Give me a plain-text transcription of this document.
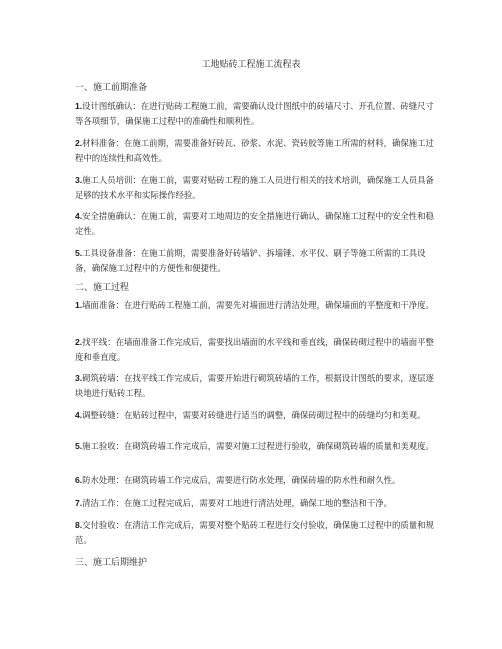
工地贴砖工程施工流程表
一、施工前期准备
1.设计图纸确认：在进行贴砖工程施工前，需要确认设计图纸中的砖墙尺寸、开孔位置、砖缝尺寸等各项细节，确保施工过程中的准确性和顺利性。
2.材料准备：在施工前期，需要准备好砖瓦、砂浆、水泥、瓷砖胶等施工所需的材料，确保施工过程中的连续性和高效性。
3.施工人员培训：在施工前，需要对贴砖工程的施工人员进行相关的技术培训，确保施工人员具备足够的技术水平和实际操作经验。
4.安全措施确认：在施工前，需要对工地周边的安全措施进行确认，确保施工过程中的安全性和稳定性。
5.工具设备准备：在施工前期，需要准备好砖墙铲、拆墙锤、水平仪、刷子等施工所需的工具设备，确保施工过程中的方便性和便捷性。
二、施工过程
1.墙面准备：在进行贴砖工程施工前，需要先对墙面进行清洁处理，确保墙面的平整度和干净度。
2.找平线：在墙面准备工作完成后，需要找出墙面的水平线和垂直线，确保砖砌过程中的墙面平整度和垂直度。
3.砌筑砖墙：在找平线工作完成后，需要开始进行砌筑砖墙的工作，根据设计图纸的要求，逐层逐块地进行贴砖工程。
4.调整砖缝：在贴砖过程中，需要对砖缝进行适当的调整，确保砖砌过程中的砖缝均匀和美观。
5.施工验收：在砌筑砖墙工作完成后，需要对施工过程进行验收，确保砌筑砖墙的质量和美观度。
6.防水处理：在砌筑砖墙工作完成后，需要进行防水处理，确保砖墙的防水性和耐久性。
7.清洁工作：在施工过程完成后，需要对工地进行清洁处理，确保工地的整洁和干净。
8.交付验收：在清洁工作完成后，需要对整个贴砖工程进行交付验收，确保施工过程中的质量和规范。
三、施工后期维护
